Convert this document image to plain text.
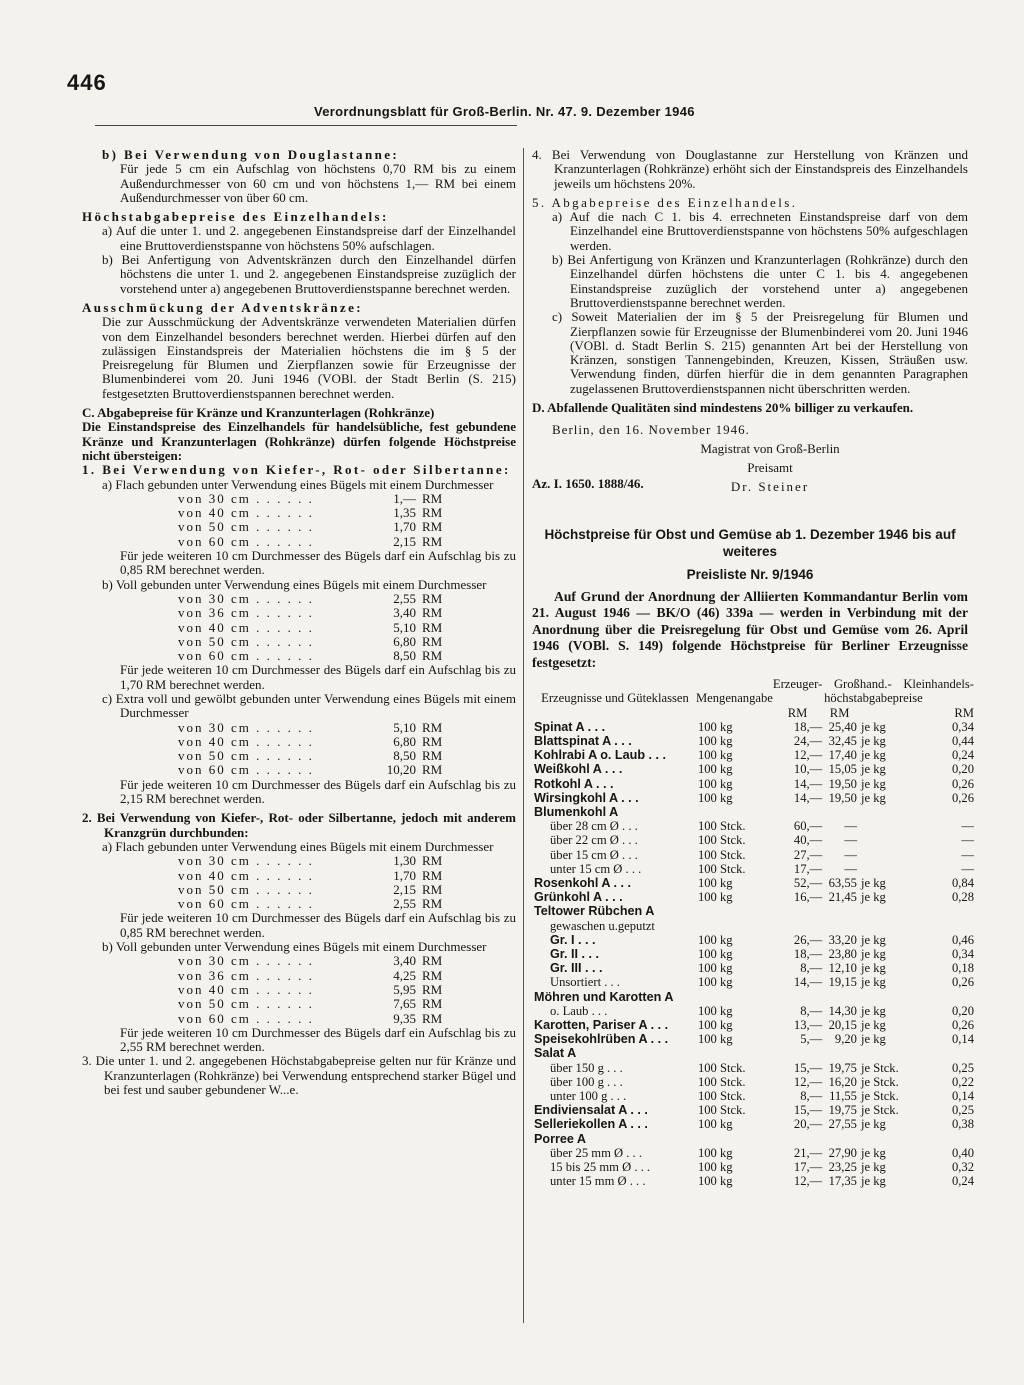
446
Verordnungsblatt für Groß-Berlin. Nr. 47. 9. Dezember 1946

b) Bei Verwendung von Douglastanne:

Für jede 5 cm ein Aufschlag von höchstens 0,70 RM bis zu einem Außendurchmesser von 60 cm und von höchstens 1,— RM bei einem Außendurchmesser von über 60 cm.

Höchstabgabepreise des Einzelhandels:

a) Auf die unter 1. und 2. angegebenen Einstandspreise darf der Einzelhandel eine Bruttoverdienstspanne von höchstens 50% aufschlagen.

b) Bei Anfertigung von Adventskränzen durch den Einzelhandel dürfen höchstens die unter 1. und 2. angegebenen Einstandspreise zuzüglich der vorstehend unter a) angegebenen Bruttoverdienstspanne berechnet werden.

Ausschmückung der Adventskränze:

Die zur Ausschmückung der Adventskränze verwendeten Materialien dürfen von dem Einzelhandel besonders berechnet werden. Hierbei dürfen auf den zulässigen Einstandspreis der Materialien höchstens die im § 5 der Preisregelung für Blumen und Zierpflanzen sowie für Erzeugnisse der Blumenbinderei vom 20. Juni 1946 (VOBl. der Stadt Berlin (S. 215) festgesetzten Bruttoverdienstspannen berechnet werden.

C. Abgabepreise für Kränze und Kranzunterlagen (Rohkränze)

Die Einstandspreise des Einzelhandels für handelsübliche, fest gebundene Kränze und Kranzunterlagen (Rohkränze) dürfen folgende Höchstpreise nicht übersteigen:

1. Bei Verwendung von Kiefer-, Rot- oder Silbertanne:

a) Flach gebunden unter Verwendung eines Bügels mit einem Durchmesser

von 30 cm . . . . . .	1,—	RM
von 40 cm . . . . . .	1,35	RM
von 50 cm . . . . . .	1,70	RM
von 60 cm . . . . . .	2,15	RM

Für jede weiteren 10 cm Durchmesser des Bügels darf ein Aufschlag bis zu 0,85 RM berechnet werden.

b) Voll gebunden unter Verwendung eines Bügels mit einem Durchmesser

von 30 cm . . . . . .	2,55	RM
von 36 cm . . . . . .	3,40	RM
von 40 cm . . . . . .	5,10	RM
von 50 cm . . . . . .	6,80	RM
von 60 cm . . . . . .	8,50	RM

Für jede weiteren 10 cm Durchmesser des Bügels darf ein Aufschlag bis zu 1,70 RM berechnet werden.

c) Extra voll und gewölbt gebunden unter Verwendung eines Bügels mit einem Durchmesser

von 30 cm . . . . . .	5,10	RM
von 40 cm . . . . . .	6,80	RM
von 50 cm . . . . . .	8,50	RM
von 60 cm . . . . . .	10,20	RM

Für jede weiteren 10 cm Durchmesser des Bügels darf ein Aufschlag bis zu 2,15 RM berechnet werden.

2. Bei Verwendung von Kiefer-, Rot- oder Silbertanne, jedoch mit anderem Kranzgrün durchbunden:

a) Flach gebunden unter Verwendung eines Bügels mit einem Durchmesser

von 30 cm . . . . . .	1,30	RM
von 40 cm . . . . . .	1,70	RM
von 50 cm . . . . . .	2,15	RM
von 60 cm . . . . . .	2,55	RM

Für jede weiteren 10 cm Durchmesser des Bügels darf ein Aufschlag bis zu 0,85 RM berechnet werden.

b) Voll gebunden unter Verwendung eines Bügels mit einem Durchmesser

von 30 cm . . . . . .	3,40	RM
von 36 cm . . . . . .	4,25	RM
von 40 cm . . . . . .	5,95	RM
von 50 cm . . . . . .	7,65	RM
von 60 cm . . . . . .	9,35	RM

Für jede weiteren 10 cm Durchmesser des Bügels darf ein Aufschlag bis zu 2,55 RM berechnet werden.

3. Die unter 1. und 2. angegebenen Höchstabgabepreise gelten nur für Kränze und Kranzunterlagen (Rohkränze) bei Verwendung entsprechend starker Bügel und bei fest und sauber gebundener W...e.

4. Bei Verwendung von Douglastanne zur Herstellung von Kränzen und Kranzunterlagen (Rohkränze) erhöht sich der Einstandspreis des Einzelhandels jeweils um höchstens 20%.

5. Abgabepreise des Einzelhandels.

a) Auf die nach C 1. bis 4. errechneten Einstandspreise darf von dem Einzelhandel eine Bruttoverdienstspanne von höchstens 50% aufgeschlagen werden.

b) Bei Anfertigung von Kränzen und Kranzunterlagen (Rohkränze) durch den Einzelhandel dürfen höchstens die unter C 1. bis 4. angegebenen Einstandspreise zuzüglich der vorstehend unter a) angegebenen Bruttoverdienstspanne berechnet werden.

c) Soweit Materialien der im § 5 der Preisregelung für Blumen und Zierpflanzen sowie für Erzeugnisse der Blumenbinderei vom 20. Juni 1946 (VOBl. d. Stadt Berlin S. 215) genannten Art bei der Herstellung von Kränzen, sonstigen Tannengebinden, Kreuzen, Kissen, Sträußen usw. Verwendung finden, dürfen hierfür die in dem genannten Paragraphen zugelassenen Bruttoverdienstspannen nicht überschritten werden.

D. Abfallende Qualitäten sind mindestens 20% billiger zu verkaufen.

Berlin, den 16. November 1946.

Magistrat von Groß-Berlin

Preisamt

Dr. Steiner

Az. I. 1650. 1888/46.

Höchstpreise für Obst und Gemüse ab 1. Dezember 1946 bis auf weiteres

Preisliste Nr. 9/1946

Auf Grund der Anordnung der Alliierten Kommandantur Berlin vom 21. August 1946 — BK/O (46) 339a — werden in Verbindung mit der Anordnung über die Preisregelung für Obst und Gemüse vom 26. April 1946 (VOBl. S. 149) folgende Höchstpreise für Berliner Erzeugnisse festgesetzt:

Erzeugnisse und Güteklassen	Mengenangabe	Erzeuger-	Großhand.-		Kleinhandels-
		höchstabgabepreise			
		RM	RM		RM
Spinat A . . .	100 kg	18,—	25,40	je kg	0,34
Blattspinat A . . .	100 kg	24,—	32,45	je kg	0,44
Kohlrabi A o. Laub . . .	100 kg	12,—	17,40	je kg	0,24
Weißkohl A . . .	100 kg	10,—	15,05	je kg	0,20
Rotkohl A . . .	100 kg	14,—	19,50	je kg	0,26
Wirsingkohl A . . .	100 kg	14,—	19,50	je kg	0,26
Blumenkohl A					
über 28 cm Ø . . .	100 Stck.	60,—	—		—
über 22 cm Ø . . .	100 Stck.	40,—	—		—
über 15 cm Ø . . .	100 Stck.	27,—	—		—
unter 15 cm Ø . . .	100 Stck.	17,—	—		—
Rosenkohl A . . .	100 kg	52,—	63,55	je kg	0,84
Grünkohl A . . .	100 kg	16,—	21,45	je kg	0,28
Teltower Rübchen A					
gewaschen u.geputzt					
Gr. I . . .	100 kg	26,—	33,20	je kg	0,46
Gr. II . . .	100 kg	18,—	23,80	je kg	0,34
Gr. III . . .	100 kg	8,—	12,10	je kg	0,18
Unsortiert . . .	100 kg	14,—	19,15	je kg	0,26
Möhren und Karotten A					
o. Laub . . .	100 kg	8,—	14,30	je kg	0,20
Karotten, Pariser A . . .	100 kg	13,—	20,15	je kg	0,26
Speisekohlrüben A . . .	100 kg	5,—	9,20	je kg	0,14
Salat A					
über 150 g . . .	100 Stck.	15,—	19,75	je Stck.	0,25
über 100 g . . .	100 Stck.	12,—	16,20	je Stck.	0,22
unter 100 g . . .	100 Stck.	8,—	11,55	je Stck.	0,14
Endiviensalat A . . .	100 Stck.	15,—	19,75	je Stck.	0,25
Selleriekollen A . . .	100 kg	20,—	27,55	je kg	0,38
Porree A					
über 25 mm Ø . . .	100 kg	21,—	27,90	je kg	0,40
15 bis 25 mm Ø . . .	100 kg	17,—	23,25	je kg	0,32
unter 15 mm Ø . . .	100 kg	12,—	17,35	je kg	0,24
